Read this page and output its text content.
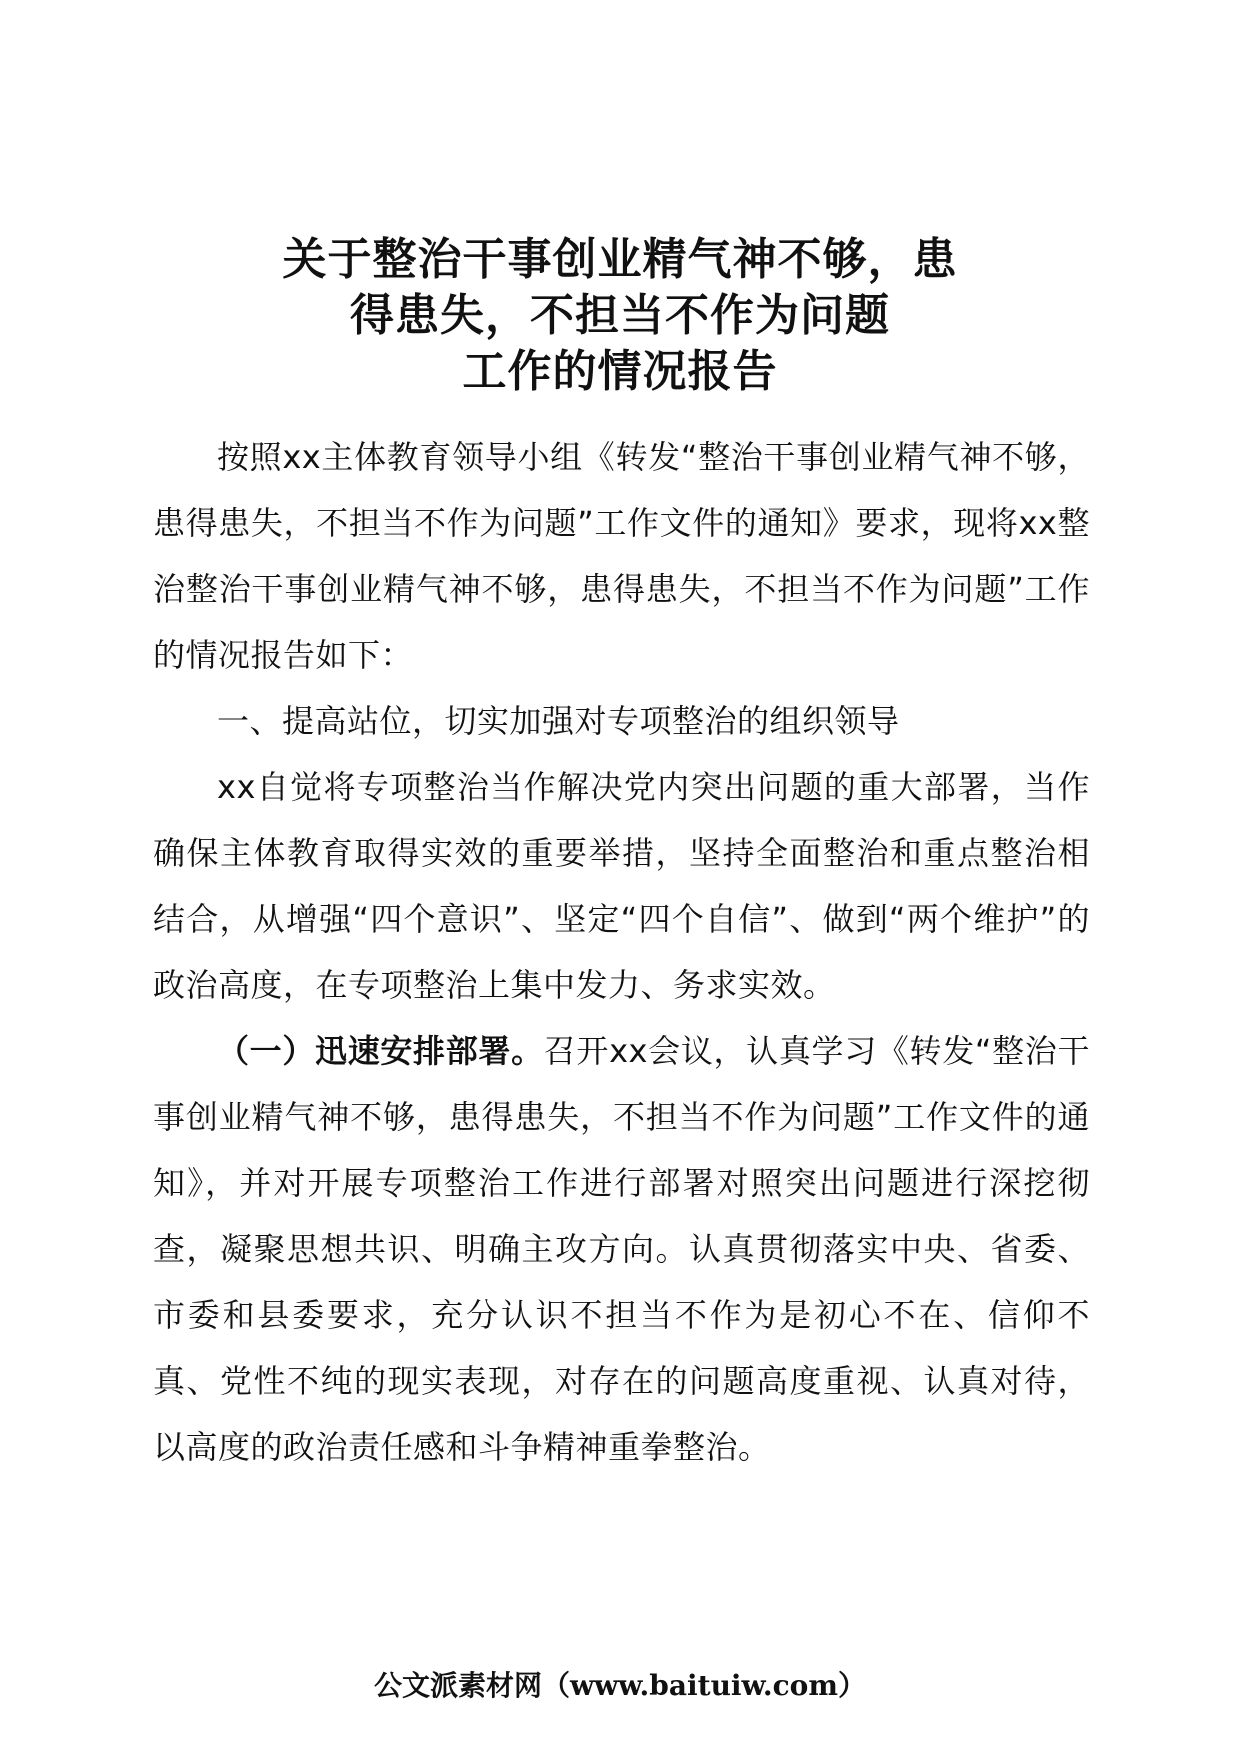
关于整治干事创业精气神不够，患
得患失，不担当不作为问题
工作的情况报告

按照xx主体教育领导小组《转发“整治干事创业精气神不够，患得患失，不担当不作为问题”工作文件的通知》要求，现将xx整治整治干事创业精气神不够，患得患失，不担当不作为问题”工作的情况报告如下：

一、提高站位，切实加强对专项整治的组织领导

xx自觉将专项整治当作解决党内突出问题的重大部署，当作确保主体教育取得实效的重要举措，坚持全面整治和重点整治相结合，从增强“四个意识”、坚定“四个自信”、做到“两个维护”的政治高度，在专项整治上集中发力、务求实效。

（一）迅速安排部署。召开xx会议，认真学习《转发“整治干事创业精气神不够，患得患失，不担当不作为问题”工作文件的通知》，并对开展专项整治工作进行部署对照突出问题进行深挖彻查，凝聚思想共识、明确主攻方向。认真贯彻落实中央、省委、市委和县委要求，充分认识不担当不作为是初心不在、信仰不真、党性不纯的现实表现，对存在的问题高度重视、认真对待，以高度的政治责任感和斗争精神重拳整治。

公文派素材网（www.baituiw.com）
